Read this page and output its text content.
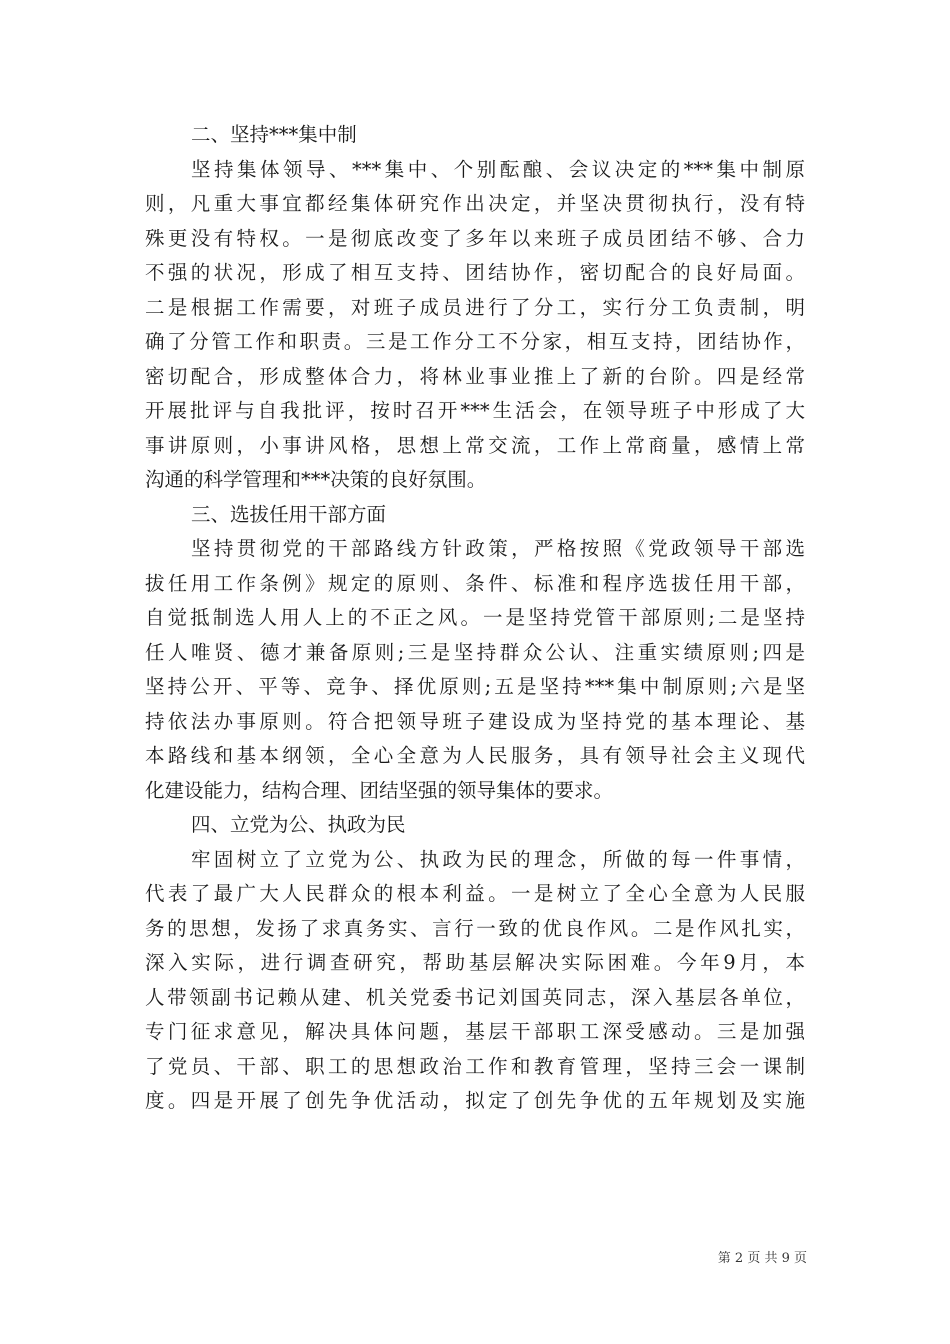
二、坚持***集中制
坚持集体领导、***集中、个别酝酿、会议决定的***集中制原
则，凡重大事宜都经集体研究作出决定，并坚决贯彻执行，没有特
殊更没有特权。一是彻底改变了多年以来班子成员团结不够、合力
不强的状况，形成了相互支持、团结协作，密切配合的良好局面。
二是根据工作需要，对班子成员进行了分工，实行分工负责制，明
确了分管工作和职责。三是工作分工不分家，相互支持，团结协作，
密切配合，形成整体合力，将林业事业推上了新的台阶。四是经常
开展批评与自我批评，按时召开***生活会，在领导班子中形成了大
事讲原则，小事讲风格，思想上常交流，工作上常商量，感情上常
沟通的科学管理和***决策的良好氛围。
三、选拔任用干部方面
坚持贯彻党的干部路线方针政策，严格按照《党政领导干部选
拔任用工作条例》规定的原则、条件、标准和程序选拔任用干部，
自觉抵制选人用人上的不正之风。一是坚持党管干部原则;二是坚持
任人唯贤、德才兼备原则;三是坚持群众公认、注重实绩原则;四是
坚持公开、平等、竞争、择优原则;五是坚持***集中制原则;六是坚
持依法办事原则。符合把领导班子建设成为坚持党的基本理论、基
本路线和基本纲领，全心全意为人民服务，具有领导社会主义现代
化建设能力，结构合理、团结坚强的领导集体的要求。
四、立党为公、执政为民
牢固树立了立党为公、执政为民的理念，所做的每一件事情，
代表了最广大人民群众的根本利益。一是树立了全心全意为人民服
务的思想，发扬了求真务实、言行一致的优良作风。二是作风扎实，
深入实际，进行调查研究，帮助基层解决实际困难。今年9月，本
人带领副书记赖从建、机关党委书记刘国英同志，深入基层各单位，
专门征求意见，解决具体问题，基层干部职工深受感动。三是加强
了党员、干部、职工的思想政治工作和教育管理，坚持三会一课制
度。四是开展了创先争优活动，拟定了创先争优的五年规划及实施
第 2 页 共 9 页
